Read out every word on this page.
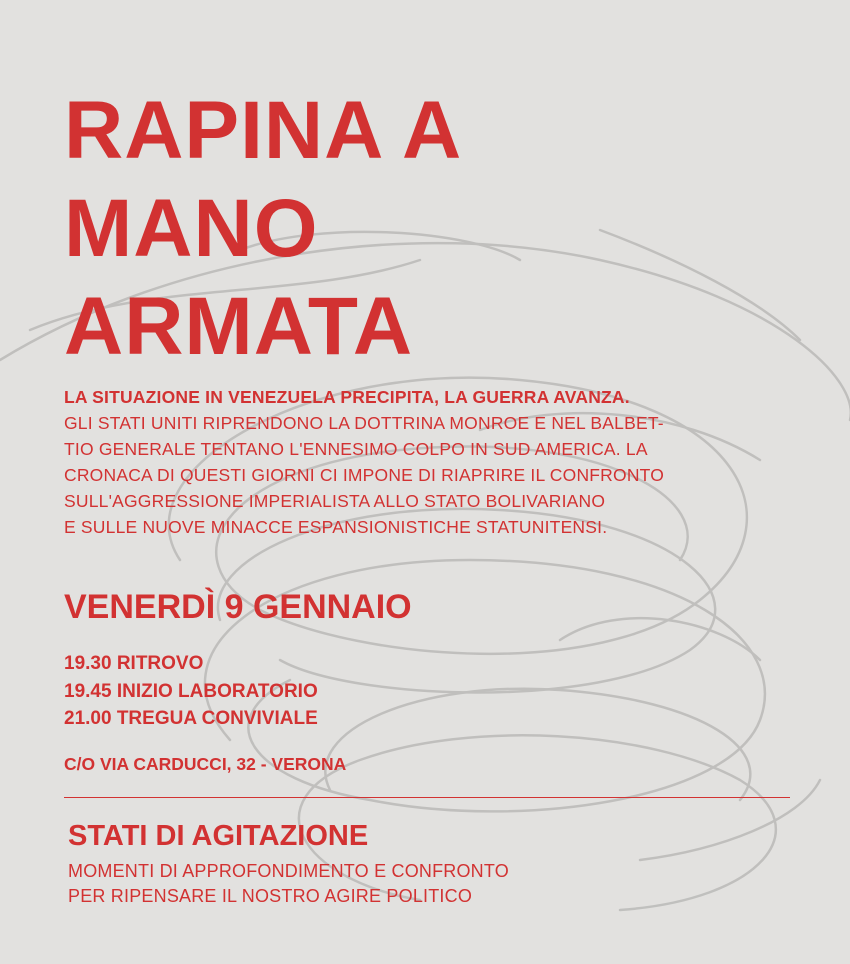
RAPINA A
MANO
ARMATA

LA SITUAZIONE IN VENEZUELA PRECIPITA, LA GUERRA AVANZA.
GLI STATI UNITI RIPRENDONO LA DOTTRINA MONROE E NEL BALBET-
TIO GENERALE TENTANO L'ENNESIMO COLPO IN SUD AMERICA. LA
CRONACA DI QUESTI GIORNI CI IMPONE DI RIAPRIRE IL CONFRONTO
SULL'AGGRESSIONE IMPERIALISTA ALLO STATO BOLIVARIANO
E SULLE NUOVE MINACCE ESPANSIONISTICHE STATUNITENSI.

VENERDÌ 9 GENNAIO
19.30 RITROVO
19.45 INIZIO LABORATORIO
21.00 TREGUA CONVIVIALE

C/O VIA CARDUCCI, 32 - VERONA

STATI DI AGITAZIONE

MOMENTI DI APPROFONDIMENTO E CONFRONTO
PER RIPENSARE IL NOSTRO AGIRE POLITICO
